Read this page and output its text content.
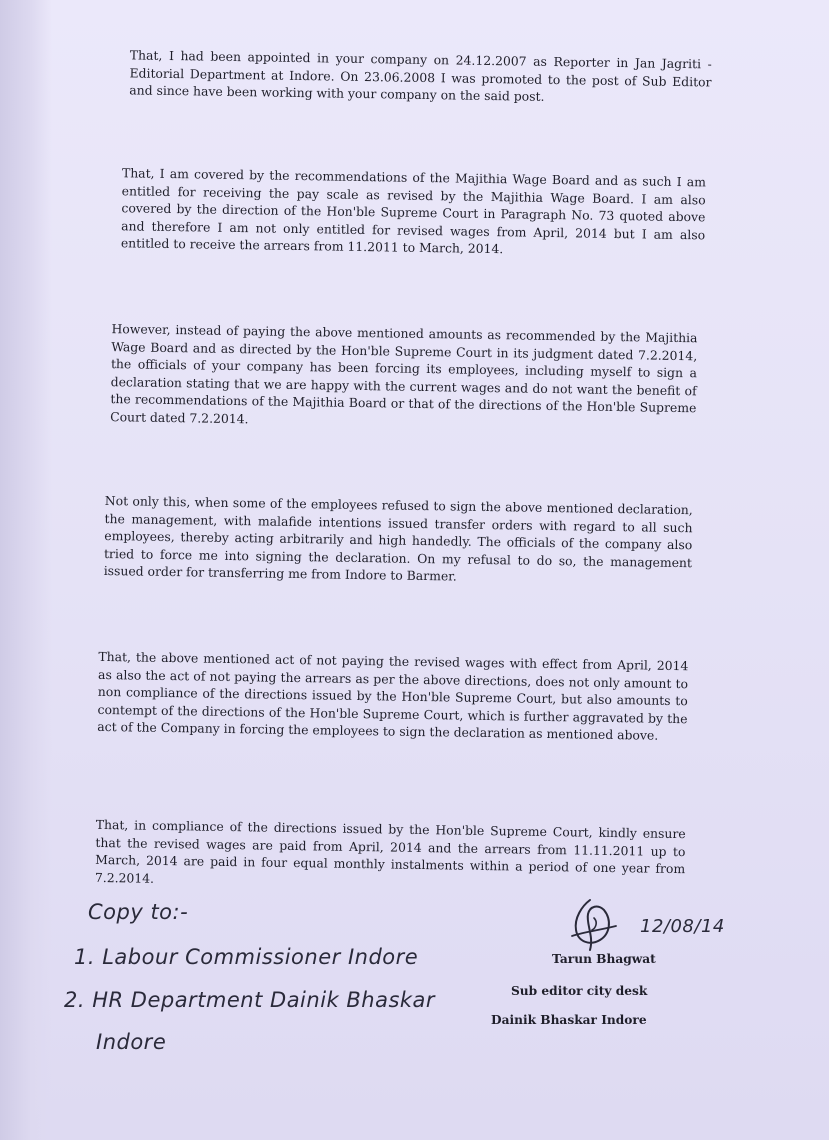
That, I had been appointed in your company on 24.12.2007 as Reporter in Jan Jagriti - Editorial Department at Indore. On 23.06.2008 I was promoted to the post of Sub Editor and since have been working with your company on the said post.

That, I am covered by the recommendations of the Majithia Wage Board and as such I am entitled for receiving the pay scale as revised by the Majithia Wage Board. I am also covered by the direction of the Hon'ble Supreme Court in Paragraph No. 73 quoted above and therefore I am not only entitled for revised wages from April, 2014 but I am also entitled to receive the arrears from 11.2011 to March, 2014.

However, instead of paying the above mentioned amounts as recommended by the Majithia Wage Board and as directed by the Hon'ble Supreme Court in its judgment dated 7.2.2014, the officials of your company has been forcing its employees, including myself to sign a declaration stating that we are happy with the current wages and do not want the benefit of the recommendations of the Majithia Board or that of the directions of the Hon'ble Supreme Court dated 7.2.2014.

Not only this, when some of the employees refused to sign the above mentioned declaration, the management, with malafide intentions issued transfer orders with regard to all such employees, thereby acting arbitrarily and high handedly. The officials of the company also tried to force me into signing the declaration. On my refusal to do so, the management issued order for transferring me from Indore to Barmer.

That, the above mentioned act of not paying the revised wages with effect from April, 2014 as also the act of not paying the arrears as per the above directions, does not only amount to non compliance of the directions issued by the Hon'ble Supreme Court, but also amounts to contempt of the directions of the Hon'ble Supreme Court, which is further aggravated by the act of the Company in forcing the employees to sign the declaration as mentioned above.

That, in compliance of the directions issued by the Hon'ble Supreme Court, kindly ensure that the revised wages are paid from April, 2014 and the arrears from 11.11.2011 up to March, 2014 are paid in four equal monthly instalments within a period of one year from 7.2.2014.

Copy to:-
1. Labour Commissioner Indore
2. HR Department Dainik Bhaskar
Indore
12/08/14
Tarun Bhagwat
Sub editor city desk
Dainik Bhaskar Indore
